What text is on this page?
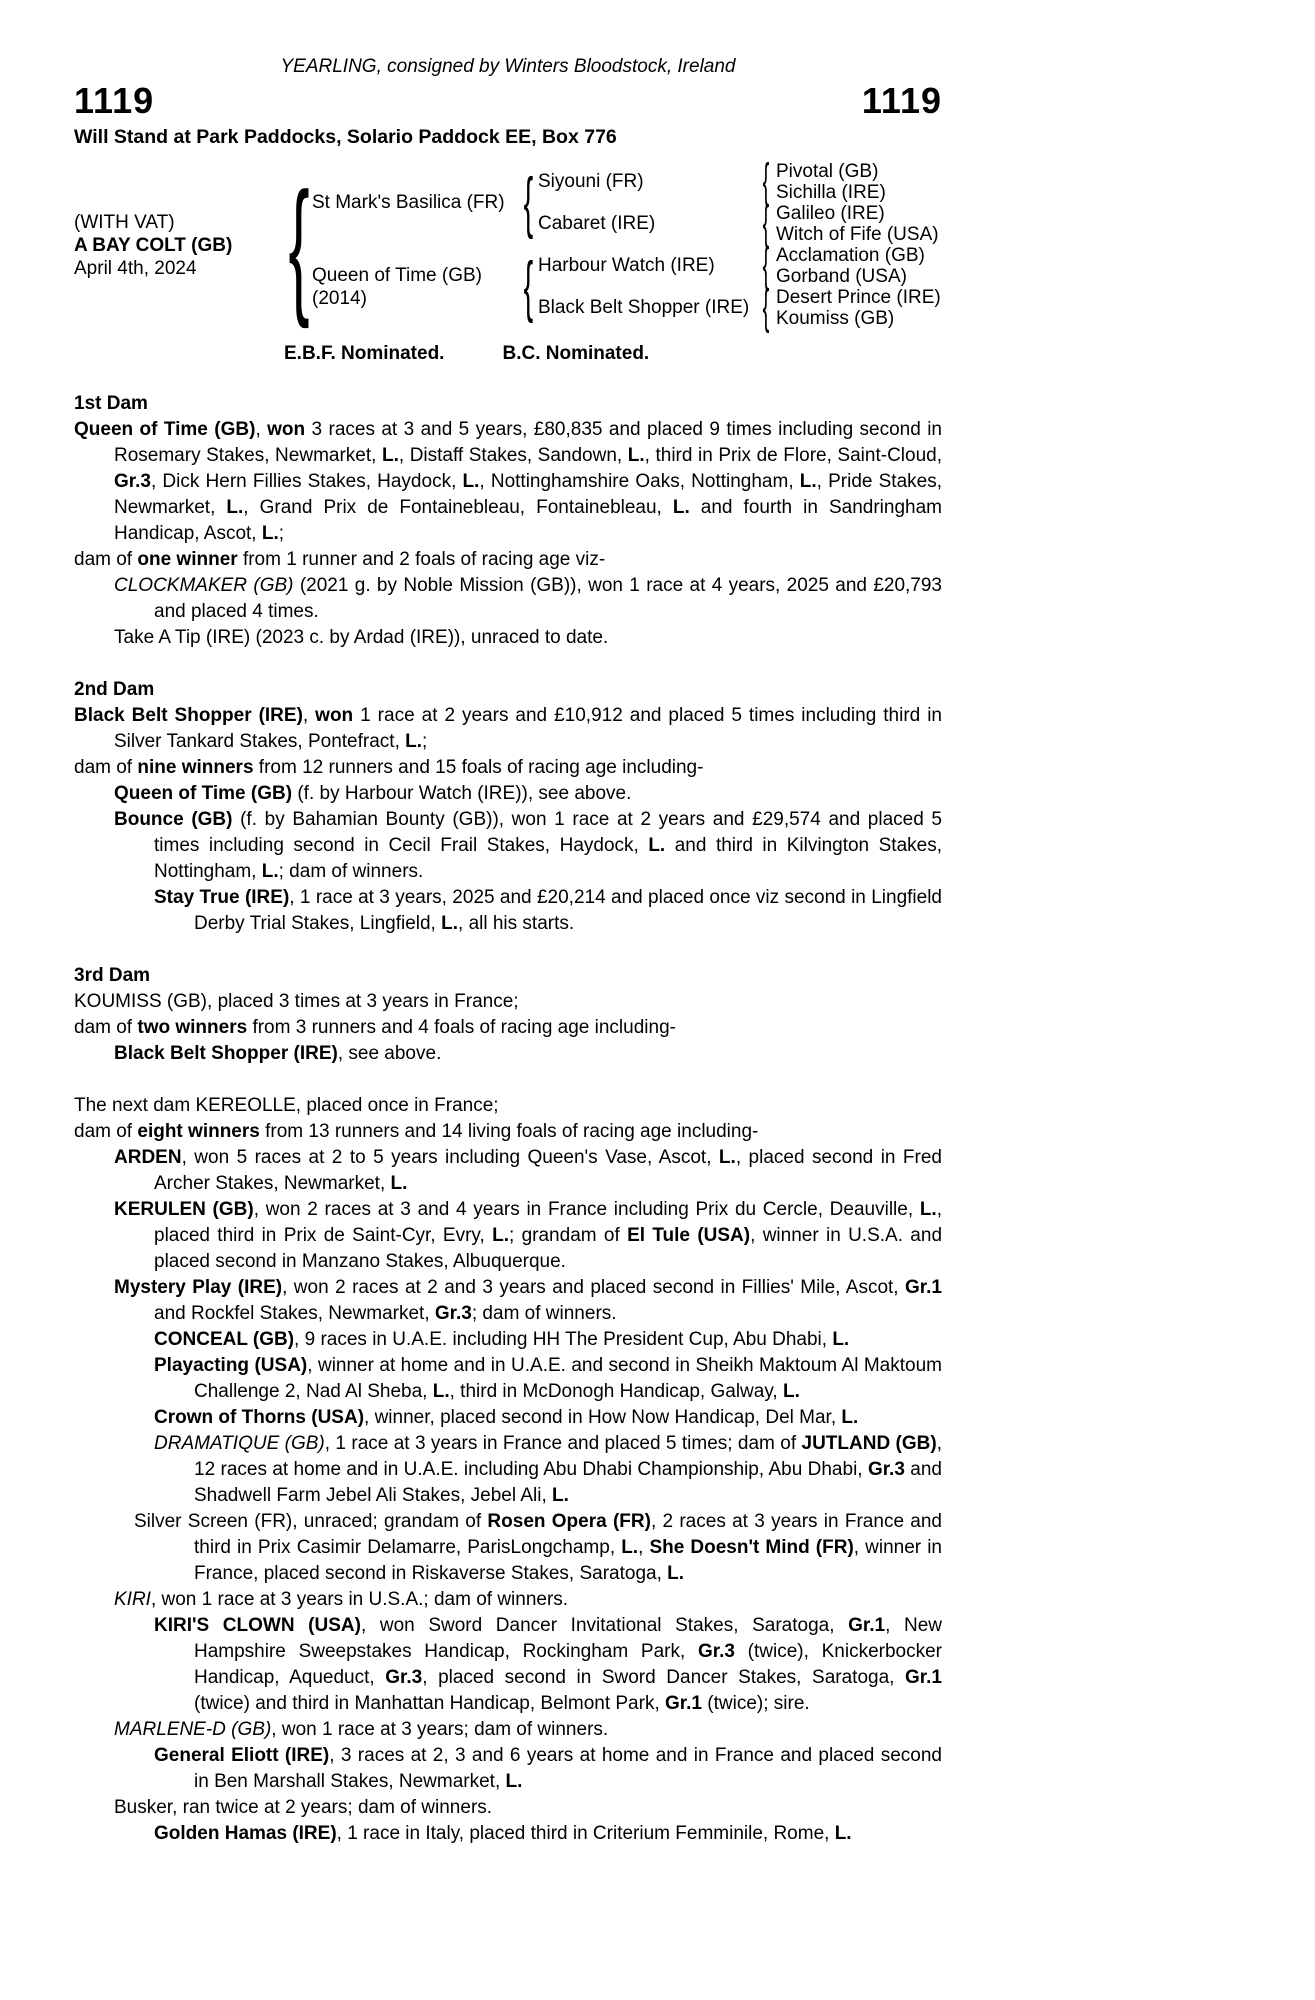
YEARLING, consigned by Winters Bloodstock, Ireland
1119	1119
Will Stand at Park Paddocks, Solario Paddock EE, Box 776
(WITH VAT)
A BAY COLT (GB)
April 4th, 2024 { St Mark's Basilica (FR)
Queen of Time (GB)
(2014)
{
{
Siyouni (FR)
Cabaret (IRE)
Harbour Watch (IRE)
Black Belt Shopper (IRE)
{
{
{
{
Pivotal (GB)
Sichilla (IRE)
Galileo (IRE)
Witch of Fife (USA)
Acclamation (GB)
Gorband (USA)
Desert Prince (IRE)
Koumiss (GB)
E.B.F. Nominated.	B.C. Nominated.
1st Dam
Queen of Time (GB), won 3 races at 3 and 5 years, £80,835 and placed 9 times including second in Rosemary Stakes, Newmarket, L., Distaff Stakes, Sandown, L., third in Prix de Flore, Saint-Cloud, Gr.3, Dick Hern Fillies Stakes, Haydock, L., Nottinghamshire Oaks, Nottingham, L., Pride Stakes, Newmarket, L., Grand Prix de Fontainebleau, Fontainebleau, L. and fourth in Sandringham Handicap, Ascot, L.;
dam of one winner from 1 runner and 2 foals of racing age viz-
CLOCKMAKER (GB) (2021 g. by Noble Mission (GB)), won 1 race at 4 years, 2025 and £20,793 and placed 4 times.
Take A Tip (IRE) (2023 c. by Ardad (IRE)), unraced to date.
2nd Dam
Black Belt Shopper (IRE), won 1 race at 2 years and £10,912 and placed 5 times including third in Silver Tankard Stakes, Pontefract, L.;
dam of nine winners from 12 runners and 15 foals of racing age including-
Queen of Time (GB) (f. by Harbour Watch (IRE)), see above.
Bounce (GB) (f. by Bahamian Bounty (GB)), won 1 race at 2 years and £29,574 and placed 5 times including second in Cecil Frail Stakes, Haydock, L. and third in Kilvington Stakes, Nottingham, L.; dam of winners.
Stay True (IRE), 1 race at 3 years, 2025 and £20,214 and placed once viz second in Lingfield Derby Trial Stakes, Lingfield, L., all his starts.
3rd Dam
KOUMISS (GB), placed 3 times at 3 years in France;
dam of two winners from 3 runners and 4 foals of racing age including-
Black Belt Shopper (IRE), see above.
The next dam KEREOLLE, placed once in France;
dam of eight winners from 13 runners and 14 living foals of racing age including-
ARDEN, won 5 races at 2 to 5 years including Queen's Vase, Ascot, L., placed second in Fred Archer Stakes, Newmarket, L.
KERULEN (GB), won 2 races at 3 and 4 years in France including Prix du Cercle, Deauville, L., placed third in Prix de Saint-Cyr, Evry, L.; grandam of El Tule (USA), winner in U.S.A. and placed second in Manzano Stakes, Albuquerque.
Mystery Play (IRE), won 2 races at 2 and 3 years and placed second in Fillies' Mile, Ascot, Gr.1 and Rockfel Stakes, Newmarket, Gr.3; dam of winners.
CONCEAL (GB), 9 races in U.A.E. including HH The President Cup, Abu Dhabi, L.
Playacting (USA), winner at home and in U.A.E. and second in Sheikh Maktoum Al Maktoum Challenge 2, Nad Al Sheba, L., third in McDonogh Handicap, Galway, L.
Crown of Thorns (USA), winner, placed second in How Now Handicap, Del Mar, L.
DRAMATIQUE (GB), 1 race at 3 years in France and placed 5 times; dam of JUTLAND (GB), 12 races at home and in U.A.E. including Abu Dhabi Championship, Abu Dhabi, Gr.3 and Shadwell Farm Jebel Ali Stakes, Jebel Ali, L.
Silver Screen (FR), unraced; grandam of Rosen Opera (FR), 2 races at 3 years in France and third in Prix Casimir Delamarre, ParisLongchamp, L., She Doesn't Mind (FR), winner in France, placed second in Riskaverse Stakes, Saratoga, L.
KIRI, won 1 race at 3 years in U.S.A.; dam of winners.
KIRI'S CLOWN (USA), won Sword Dancer Invitational Stakes, Saratoga, Gr.1, New Hampshire Sweepstakes Handicap, Rockingham Park, Gr.3 (twice), Knickerbocker Handicap, Aqueduct, Gr.3, placed second in Sword Dancer Stakes, Saratoga, Gr.1 (twice) and third in Manhattan Handicap, Belmont Park, Gr.1 (twice); sire.
MARLENE-D (GB), won 1 race at 3 years; dam of winners.
General Eliott (IRE), 3 races at 2, 3 and 6 years at home and in France and placed second in Ben Marshall Stakes, Newmarket, L.
Busker, ran twice at 2 years; dam of winners.
Golden Hamas (IRE), 1 race in Italy, placed third in Criterium Femminile, Rome, L.
